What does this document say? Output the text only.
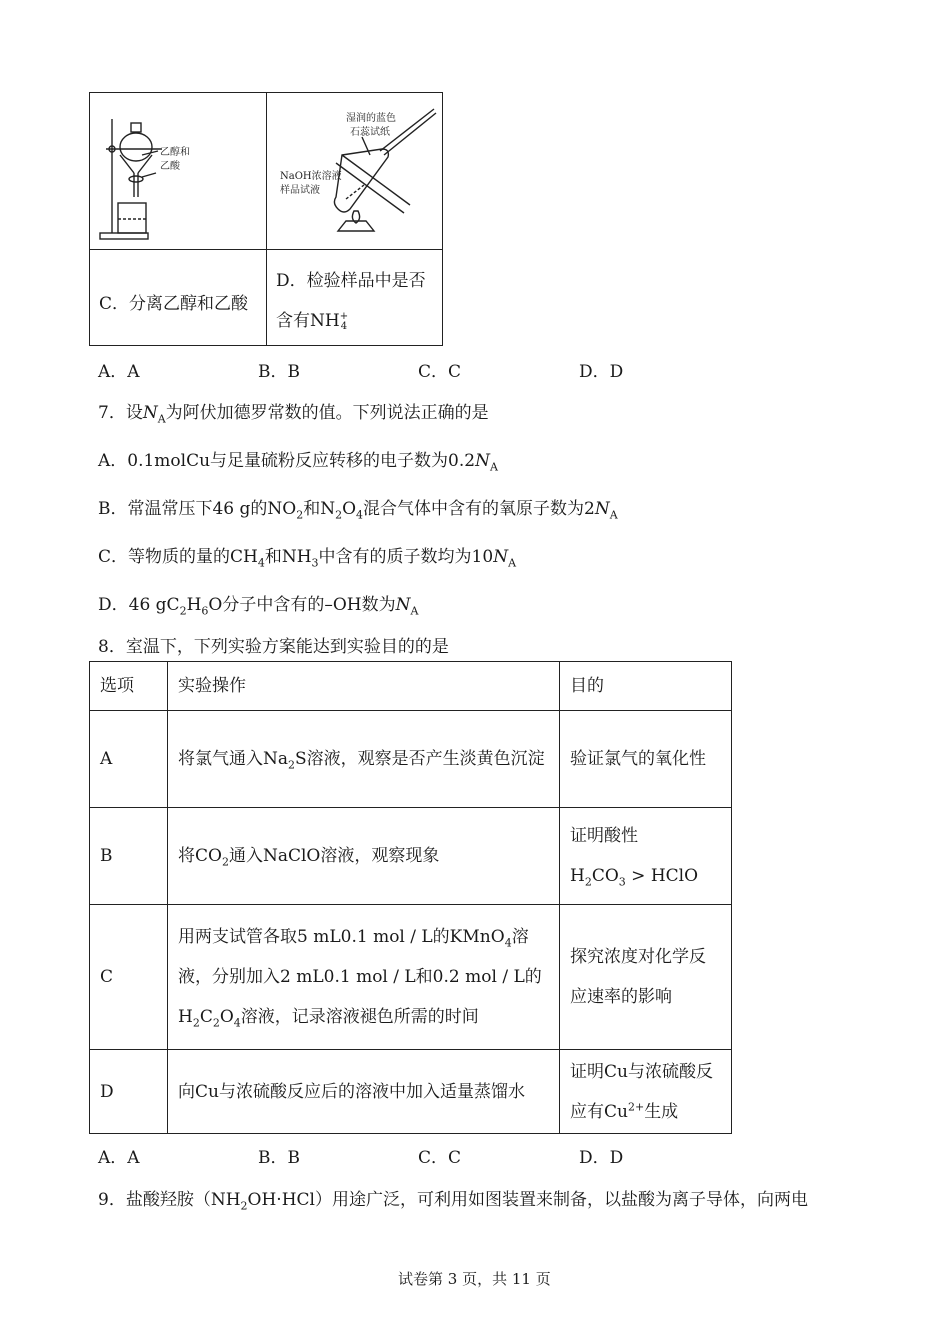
乙醇和
乙酸
湿润的蓝色
石蕊试纸
NaOH浓溶液
样品试液
C．分离乙醇和乙酸
D．检验样品中是否
含有NH +
4
A．A	B．B	C．C	D．D
7．设$N_A$为阿伏加德罗常数的值。下列说法正确的是
A．0.1molCu与足量硫粉反应转移的电子数为$0.2N_A$
B．常温常压下46 g的$NO_2$和$N_2O_4$混合气体中含有的氧原子数为$2N_A$
C．等物质的量的$CH_4$和$NH_3$中含有的质子数均为$10N_A$
D．46 $gC_2H_6O$分子中含有的–OH数为$N_A$
8．室温下，下列实验方案能达到实验目的的是
选项	实验操作	目的
A	将氯气通入$Na_2S$溶液，观察是否产生淡黄色沉淀	验证氯气的氧化性
B	将$CO_2$通入NaClO溶液，观察现象	证明酸性
$H_2CO_3$ > HClO
C	用两支试管各取5 mL0.1 mol / L的KMnO$_4$溶液，分别加入2 mL0.1 mol / L和0.2 mol / L的$H_2C_2O_4$溶液，记录溶液褪色所需的时间	探究浓度对化学反应速率的影响
D	向Cu与浓硫酸反应后的溶液中加入适量蒸馏水	证明Cu与浓硫酸反应有$Cu^{2+}$生成
A．A	B．B	C．C	D．D
9．盐酸羟胺$(NH_2OH\cdot HCl)$用途广泛，可利用如图装置来制备，以盐酸为离子导体，向两电
试卷第 3 页，共 11 页
